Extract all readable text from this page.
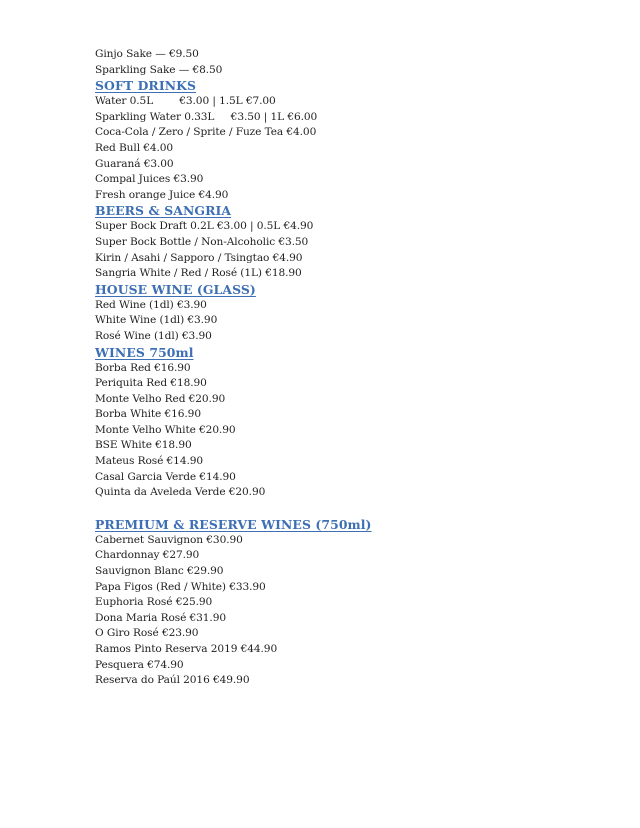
Ginjo Sake — €9.50
Sparkling Sake — €8.50
SOFT DRINKS
Water 0.5L        €3.00 | 1.5L €7.00
Sparkling Water 0.33L     €3.50 | 1L €6.00
Coca-Cola / Zero / Sprite / Fuze Tea €4.00
Red Bull €4.00
Guaraná €3.00
Compal Juices €3.90
Fresh orange Juice €4.90
BEERS & SANGRIA
Super Bock Draft 0.2L €3.00 | 0.5L €4.90
Super Bock Bottle / Non-Alcoholic €3.50
Kirin / Asahi / Sapporo / Tsingtao €4.90
Sangria White / Red / Rosé (1L) €18.90
HOUSE WINE (GLASS)
Red Wine (1dl) €3.90
White Wine (1dl) €3.90
Rosé Wine (1dl) €3.90
WINES 750ml
Borba Red €16.90
Periquita Red €18.90
Monte Velho Red €20.90
Borba White €16.90
Monte Velho White €20.90
BSE White €18.90
Mateus Rosé €14.90
Casal Garcia Verde €14.90
Quinta da Aveleda Verde €20.90
PREMIUM & RESERVE WINES (750ml)
Cabernet Sauvignon €30.90
Chardonnay €27.90
Sauvignon Blanc €29.90
Papa Figos (Red / White) €33.90
Euphoria Rosé €25.90
Dona Maria Rosé €31.90
O Giro Rosé €23.90
Ramos Pinto Reserva 2019 €44.90
Pesquera €74.90
Reserva do Paúl 2016 €49.90
